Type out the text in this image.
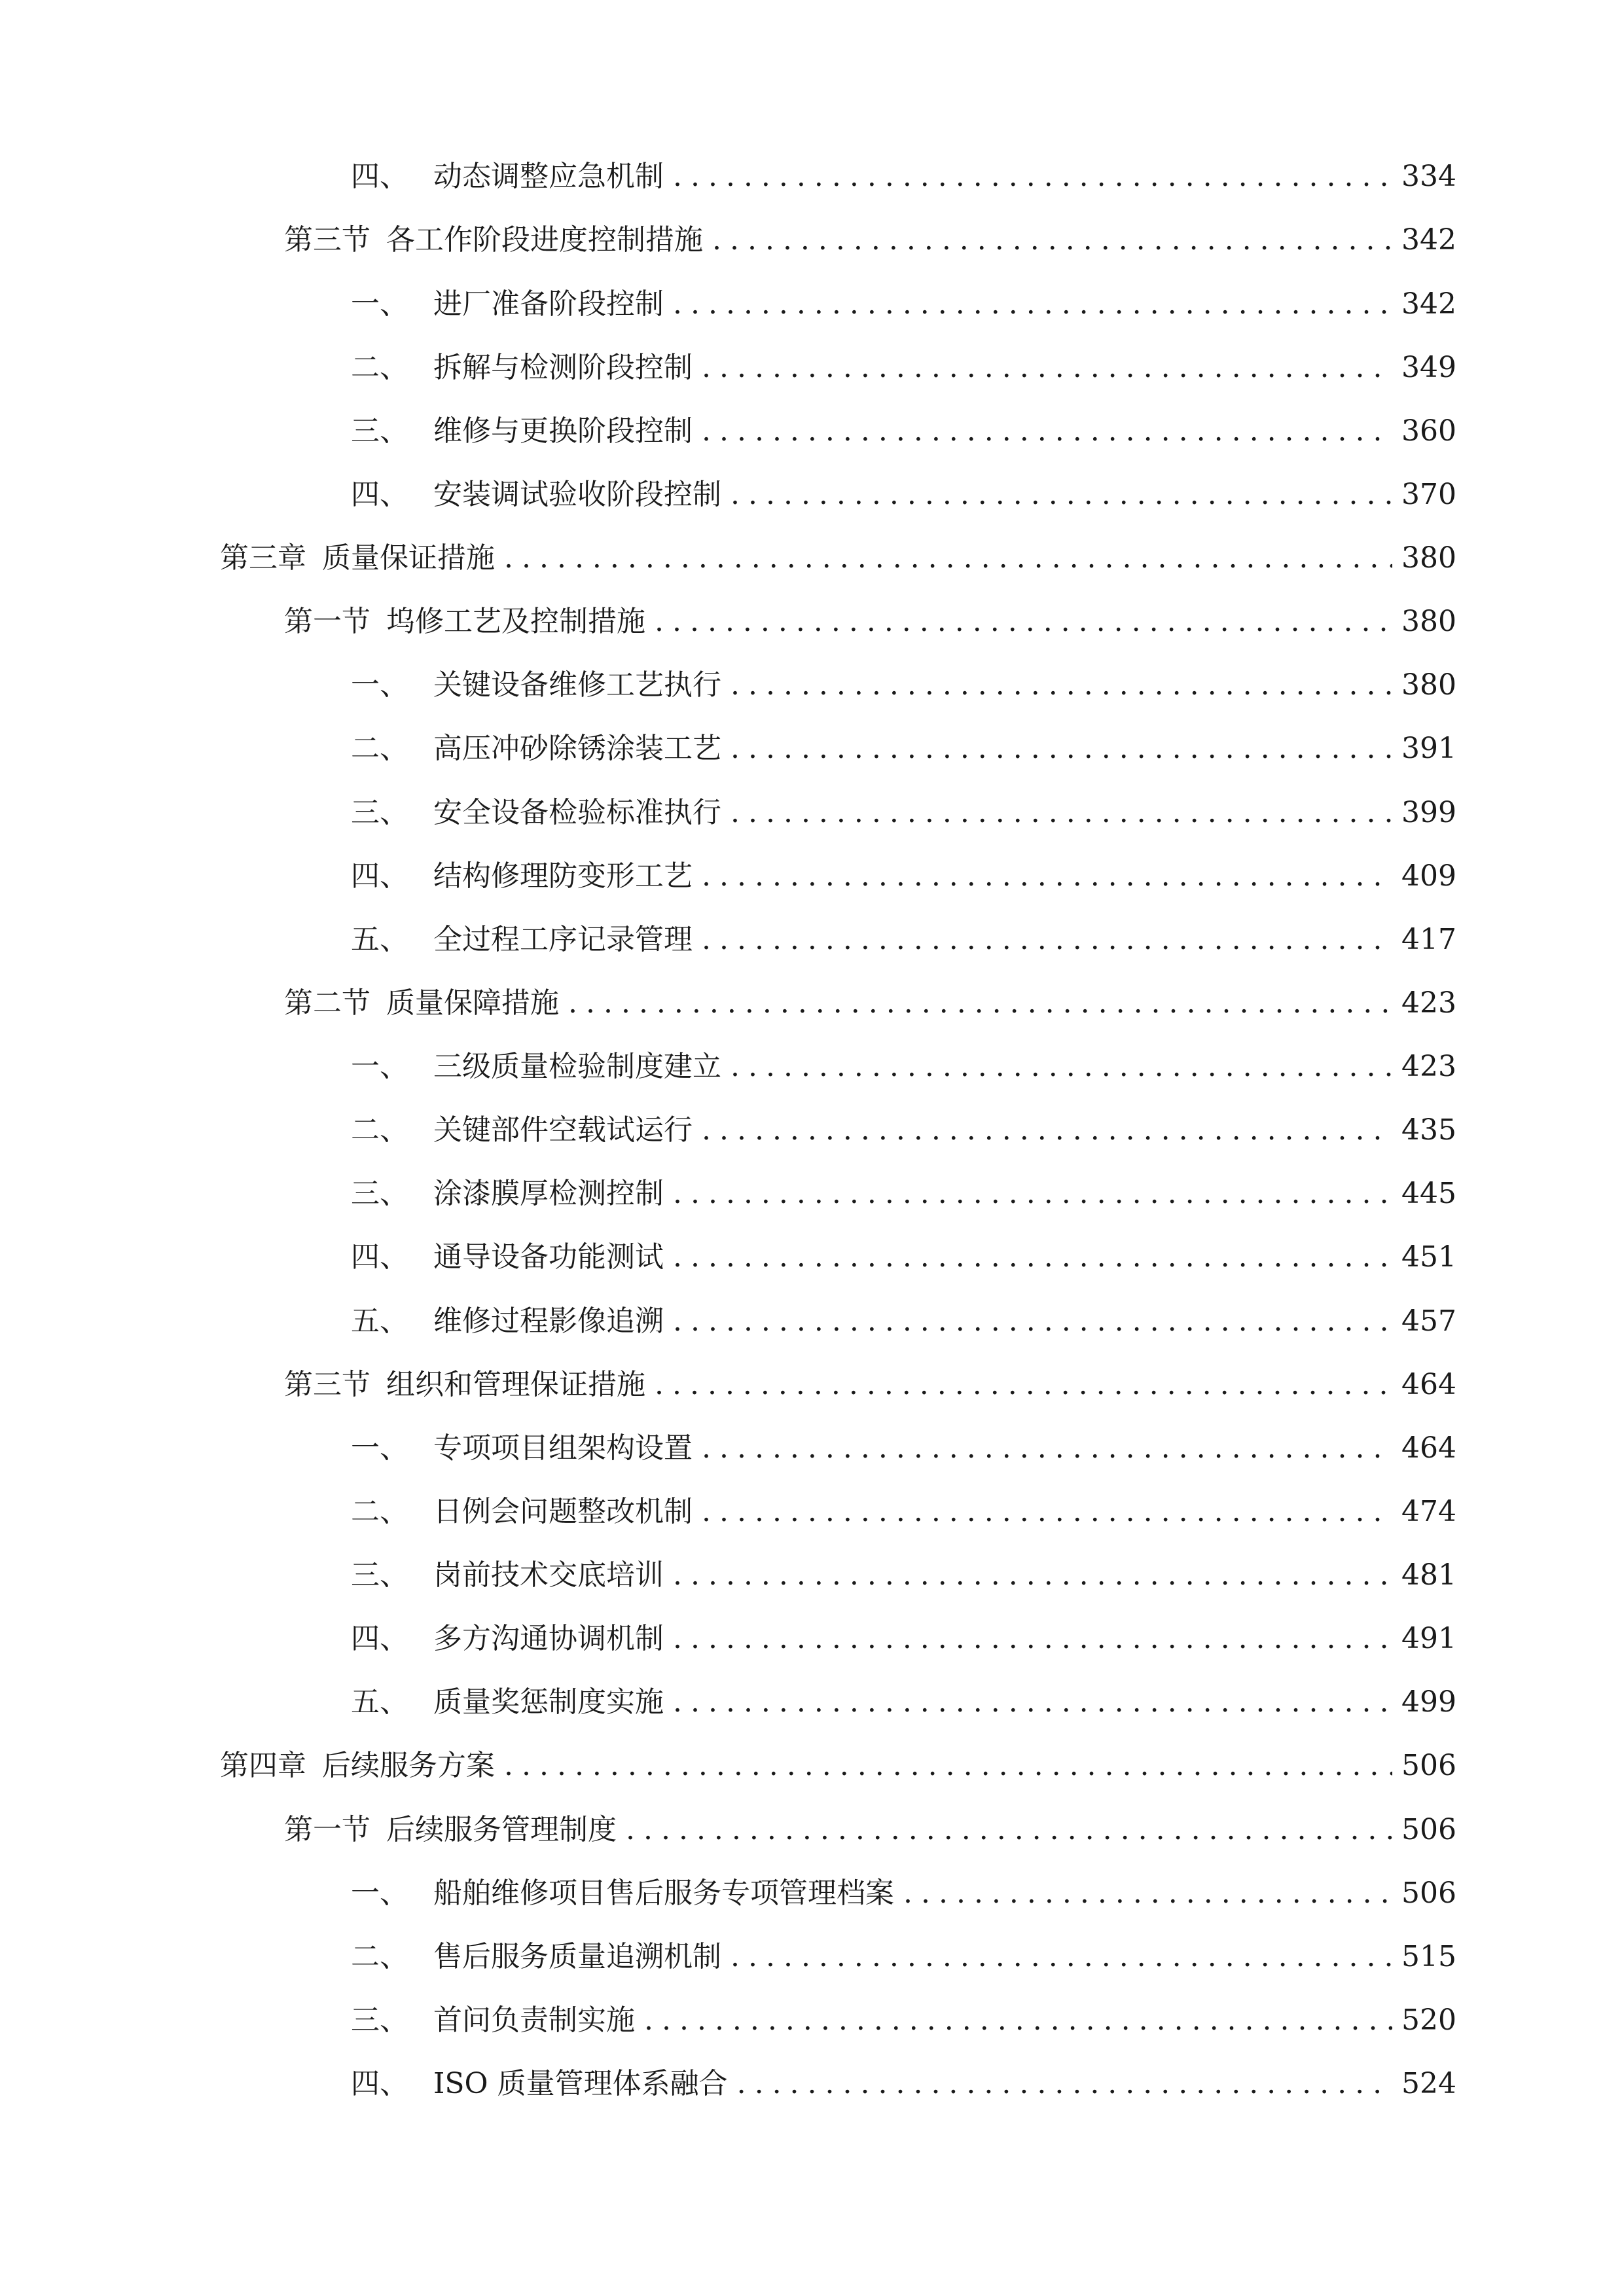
四、 动态调整应急机制 .....	334
第三节 各工作阶段进度控制措施 .....	342
一、 进厂准备阶段控制 .....	342
二、 拆解与检测阶段控制 .....	349
三、 维修与更换阶段控制 .....	360
四、 安装调试验收阶段控制 .....	370
第三章 质量保证措施 .....	380
第一节 坞修工艺及控制措施 .....	380
一、 关键设备维修工艺执行 .....	380
二、 高压冲砂除锈涂装工艺 .....	391
三、 安全设备检验标准执行 .....	399
四、 结构修理防变形工艺 .....	409
五、 全过程工序记录管理 .....	417
第二节 质量保障措施 .....	423
一、 三级质量检验制度建立 .....	423
二、 关键部件空载试运行 .....	435
三、 涂漆膜厚检测控制 .....	445
四、 通导设备功能测试 .....	451
五、 维修过程影像追溯 .....	457
第三节 组织和管理保证措施 .....	464
一、 专项项目组架构设置 .....	464
二、 日例会问题整改机制 .....	474
三、 岗前技术交底培训 .....	481
四、 多方沟通协调机制 .....	491
五、 质量奖惩制度实施 .....	499
第四章 后续服务方案 .....	506
第一节 后续服务管理制度 .....	506
一、 船舶维修项目售后服务专项管理档案 .....	506
二、 售后服务质量追溯机制 .....	515
三、 首问负责制实施 .....	520
四、 ISO 质量管理体系融合 .....	524
